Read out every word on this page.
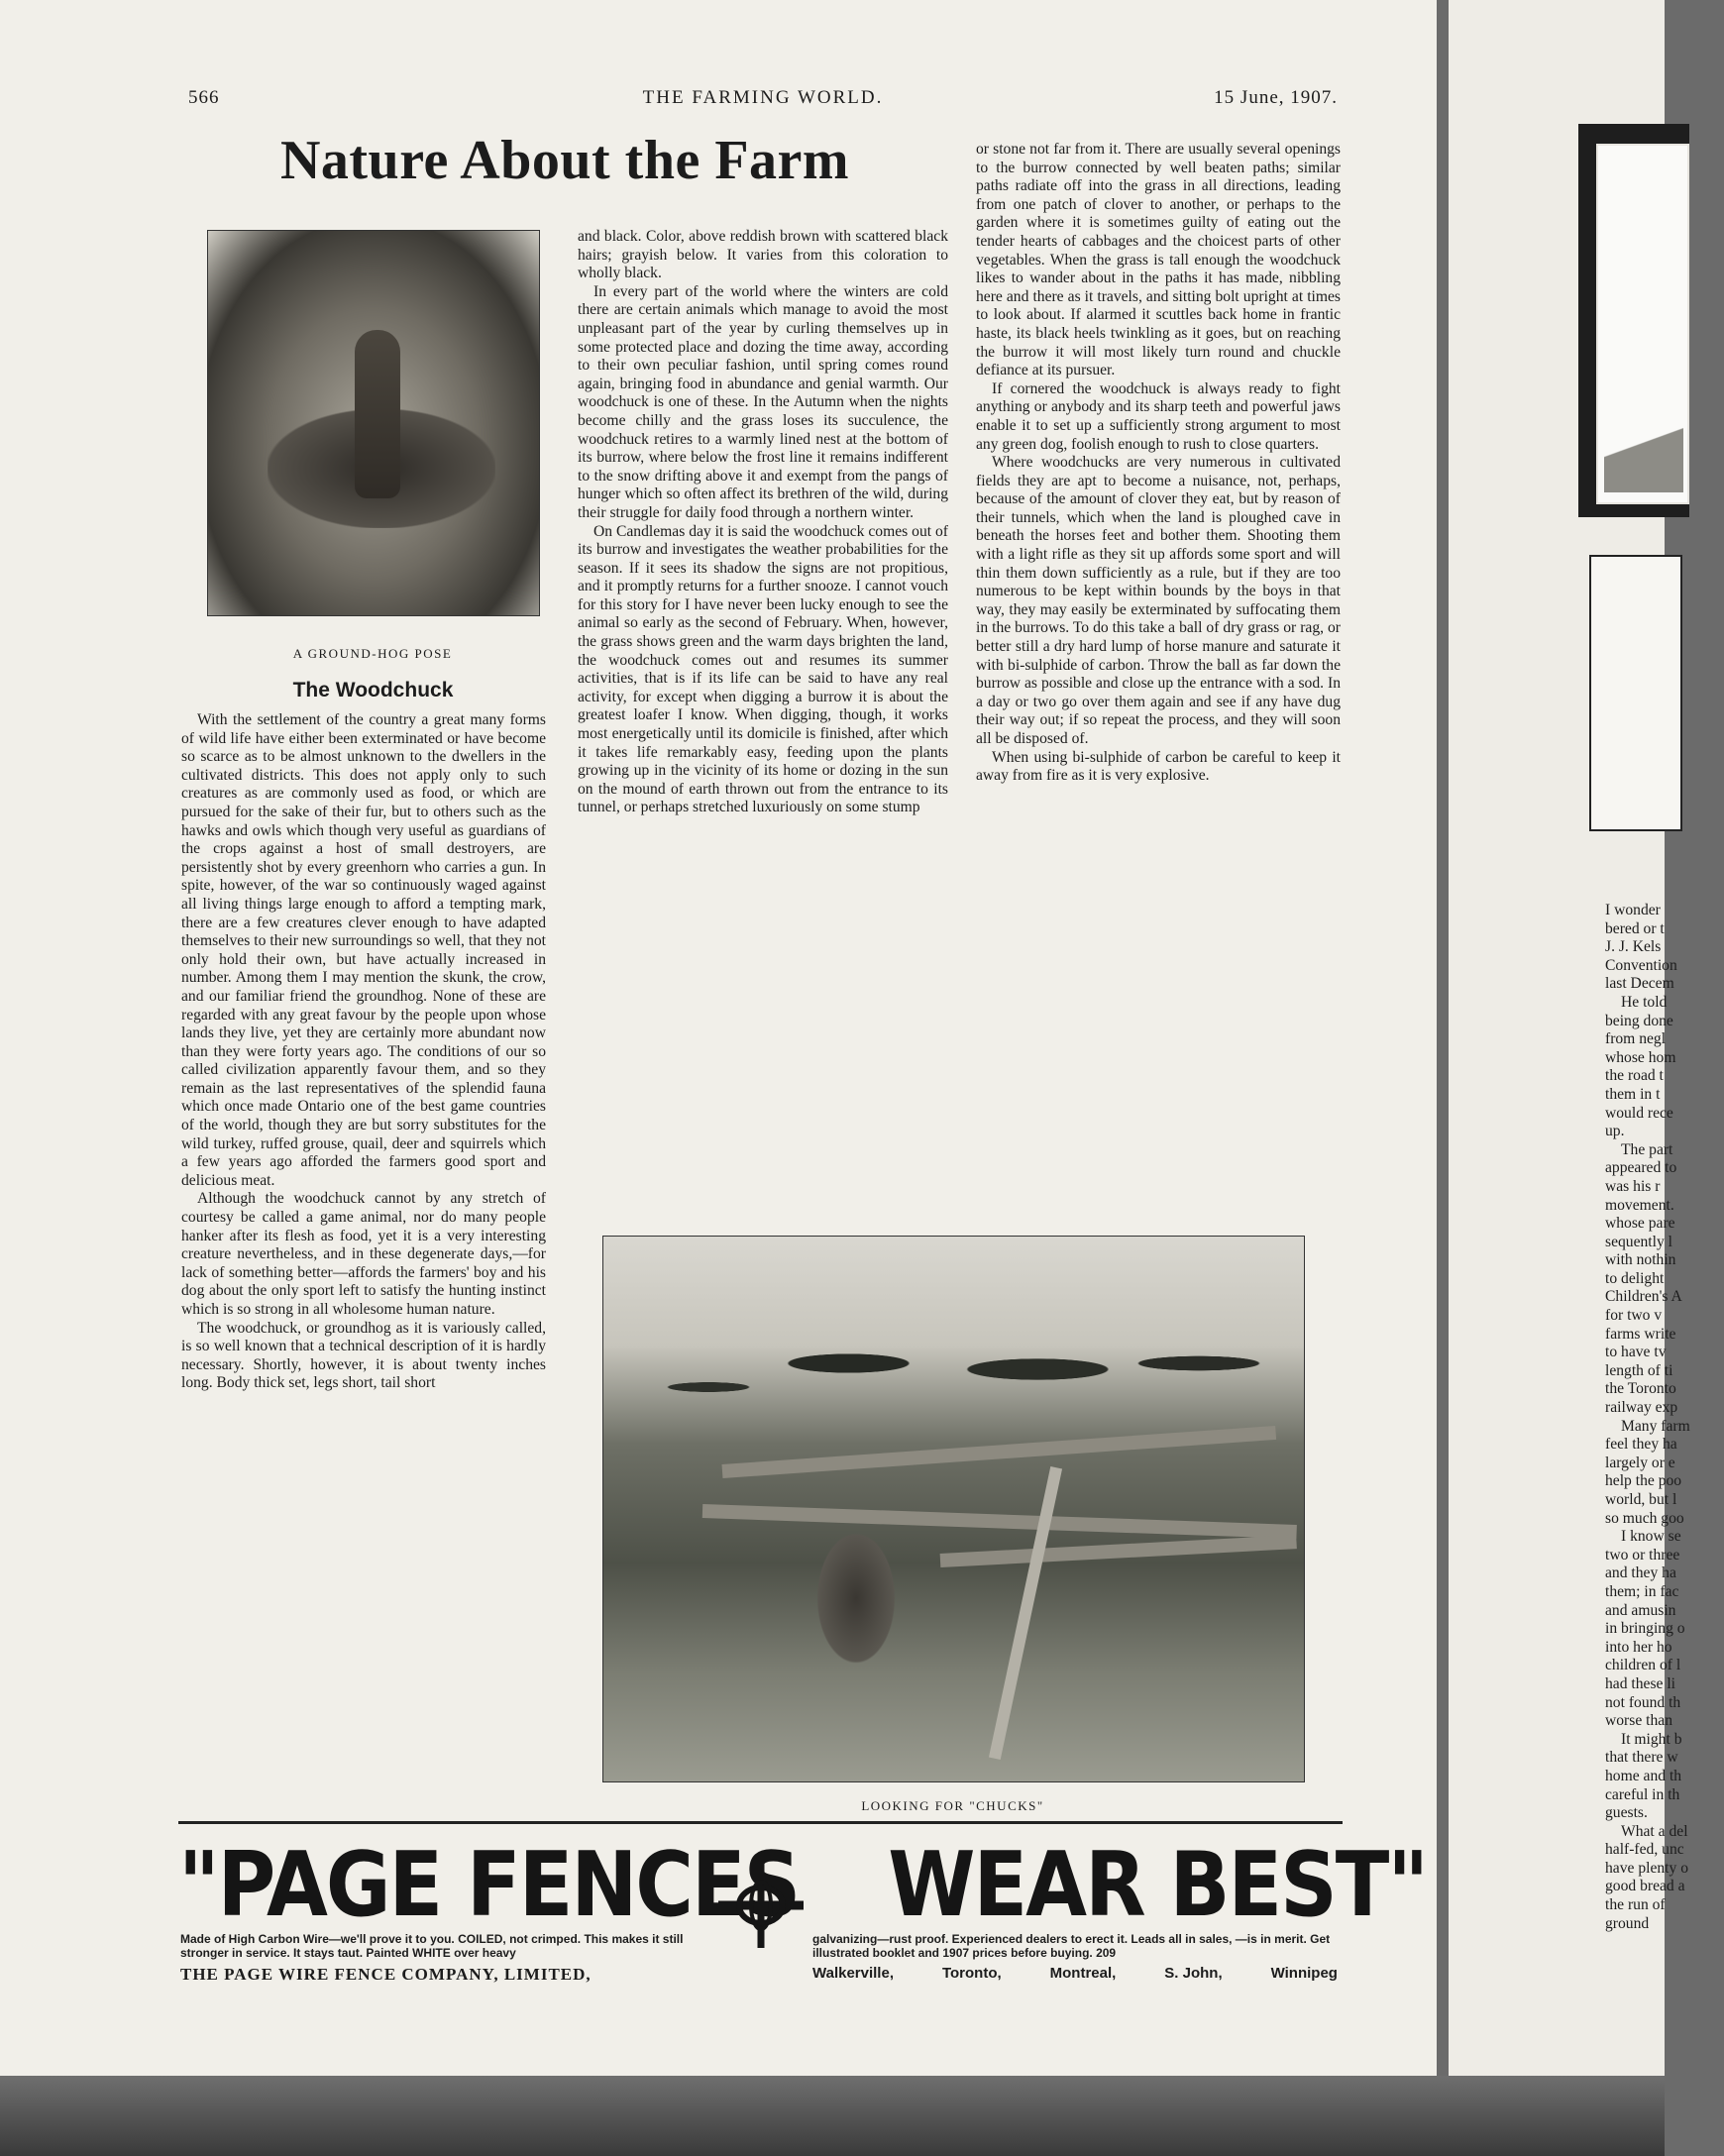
566	THE FARMING WORLD.	15 June, 1907.
Nature About the Farm
A GROUND-HOG POSE
The Woodchuck

With the settlement of the country a great many forms of wild life have either been exterminated or have become so scarce as to be almost unknown to the dwellers in the cultivated districts. This does not apply only to such creatures as are commonly used as food, or which are pursued for the sake of their fur, but to others such as the hawks and owls which though very useful as guardians of the crops against a host of small destroyers, are persistently shot by every greenhorn who carries a gun. In spite, however, of the war so continuously waged against all living things large enough to afford a tempting mark, there are a few creatures clever enough to have adapted themselves to their new surroundings so well, that they not only hold their own, but have actually increased in number. Among them I may mention the skunk, the crow, and our familiar friend the groundhog. None of these are regarded with any great favour by the people upon whose lands they live, yet they are certainly more abundant now than they were forty years ago. The conditions of our so called civilization apparently favour them, and so they remain as the last representatives of the splendid fauna which once made Ontario one of the best game countries of the world, though they are but sorry substitutes for the wild turkey, ruffed grouse, quail, deer and squirrels which a few years ago afforded the farmers good sport and delicious meat.

Although the woodchuck cannot by any stretch of courtesy be called a game animal, nor do many people hanker after its flesh as food, yet it is a very interesting creature nevertheless, and in these degenerate days,—for lack of something better—affords the farmers' boy and his dog about the only sport left to satisfy the hunting instinct which is so strong in all wholesome human nature.

The woodchuck, or groundhog as it is variously called, is so well known that a technical description of it is hardly necessary. Shortly, however, it is about twenty inches long. Body thick set, legs short, tail short

and black. Color, above reddish brown with scattered black hairs; grayish below. It varies from this coloration to wholly black.

In every part of the world where the winters are cold there are certain animals which manage to avoid the most unpleasant part of the year by curling themselves up in some protected place and dozing the time away, according to their own peculiar fashion, until spring comes round again, bringing food in abundance and genial warmth. Our woodchuck is one of these. In the Autumn when the nights become chilly and the grass loses its succulence, the woodchuck retires to a warmly lined nest at the bottom of its burrow, where below the frost line it remains indifferent to the snow drifting above it and exempt from the pangs of hunger which so often affect its brethren of the wild, during their struggle for daily food through a northern winter.

On Candlemas day it is said the woodchuck comes out of its burrow and investigates the weather probabilities for the season. If it sees its shadow the signs are not propitious, and it promptly returns for a further snooze. I cannot vouch for this story for I have never been lucky enough to see the animal so early as the second of February. When, however, the grass shows green and the warm days brighten the land, the woodchuck comes out and resumes its summer activities, that is if its life can be said to have any real activity, for except when digging a burrow it is about the greatest loafer I know. When digging, though, it works most energetically until its domicile is finished, after which it takes life remarkably easy, feeding upon the plants growing up in the vicinity of its home or dozing in the sun on the mound of earth thrown out from the entrance to its tunnel, or perhaps stretched luxuriously on some stump

or stone not far from it. There are usually several openings to the burrow connected by well beaten paths; similar paths radiate off into the grass in all directions, leading from one patch of clover to another, or perhaps to the garden where it is sometimes guilty of eating out the tender hearts of cabbages and the choicest parts of other vegetables. When the grass is tall enough the woodchuck likes to wander about in the paths it has made, nibbling here and there as it travels, and sitting bolt upright at times to look about. If alarmed it scuttles back home in frantic haste, its black heels twinkling as it goes, but on reaching the burrow it will most likely turn round and chuckle defiance at its pursuer.

If cornered the woodchuck is always ready to fight anything or anybody and its sharp teeth and powerful jaws enable it to set up a sufficiently strong argument to most any green dog, foolish enough to rush to close quarters.

Where woodchucks are very numerous in cultivated fields they are apt to become a nuisance, not, perhaps, because of the amount of clover they eat, but by reason of their tunnels, which when the land is ploughed cave in beneath the horses feet and bother them. Shooting them with a light rifle as they sit up affords some sport and will thin them down sufficiently as a rule, but if they are too numerous to be kept within bounds by the boys in that way, they may easily be exterminated by suffocating them in the burrows. To do this take a ball of dry grass or rag, or better still a dry hard lump of horse manure and saturate it with bi-sulphide of carbon. Throw the ball as far down the burrow as possible and close up the entrance with a sod. In a day or two go over them again and see if any have dug their way out; if so repeat the process, and they will soon all be disposed of.

When using bi-sulphide of carbon be careful to keep it away from fire as it is very explosive.

LOOKING FOR "CHUCKS"
"PAGE FENCES WEAR BEST"
Made of High Carbon Wire—we'll prove it to you. COILED, not crimped. This makes it still stronger in service. It stays taut. Painted WHITE over heavy
galvanizing—rust proof. Experienced dealers to erect it. Leads all in sales, —is in merit. Get illustrated booklet and 1907 prices before buying. 209
THE PAGE WIRE FENCE COMPANY, LIMITED,	Walkerville,	Toronto,	Montreal,	S. John,	Winnipeg
I wonder
bered or t
J. J. Kels
Convention
last Decem
He told
being done
from negl
whose hom
the road t
them in t
would rece
up.
The part
appeared to
was his r
movement.
whose pare
sequently l
with nothin
to delight
Children's A
for two v
farms write
to have tv
length of ti
the Toronto
railway exp
Many farm
feel they ha
largely or e
help the poo
world, but l
so much goo
I know se
two or three
and they ha
them; in fac
and amusin
in bringing o
into her ho
children of l
had these li
not found th
worse than
It might b
that there w
home and th
careful in th
guests.
What a del
half-fed, unc
have plenty o
good bread a
the run of
ground
